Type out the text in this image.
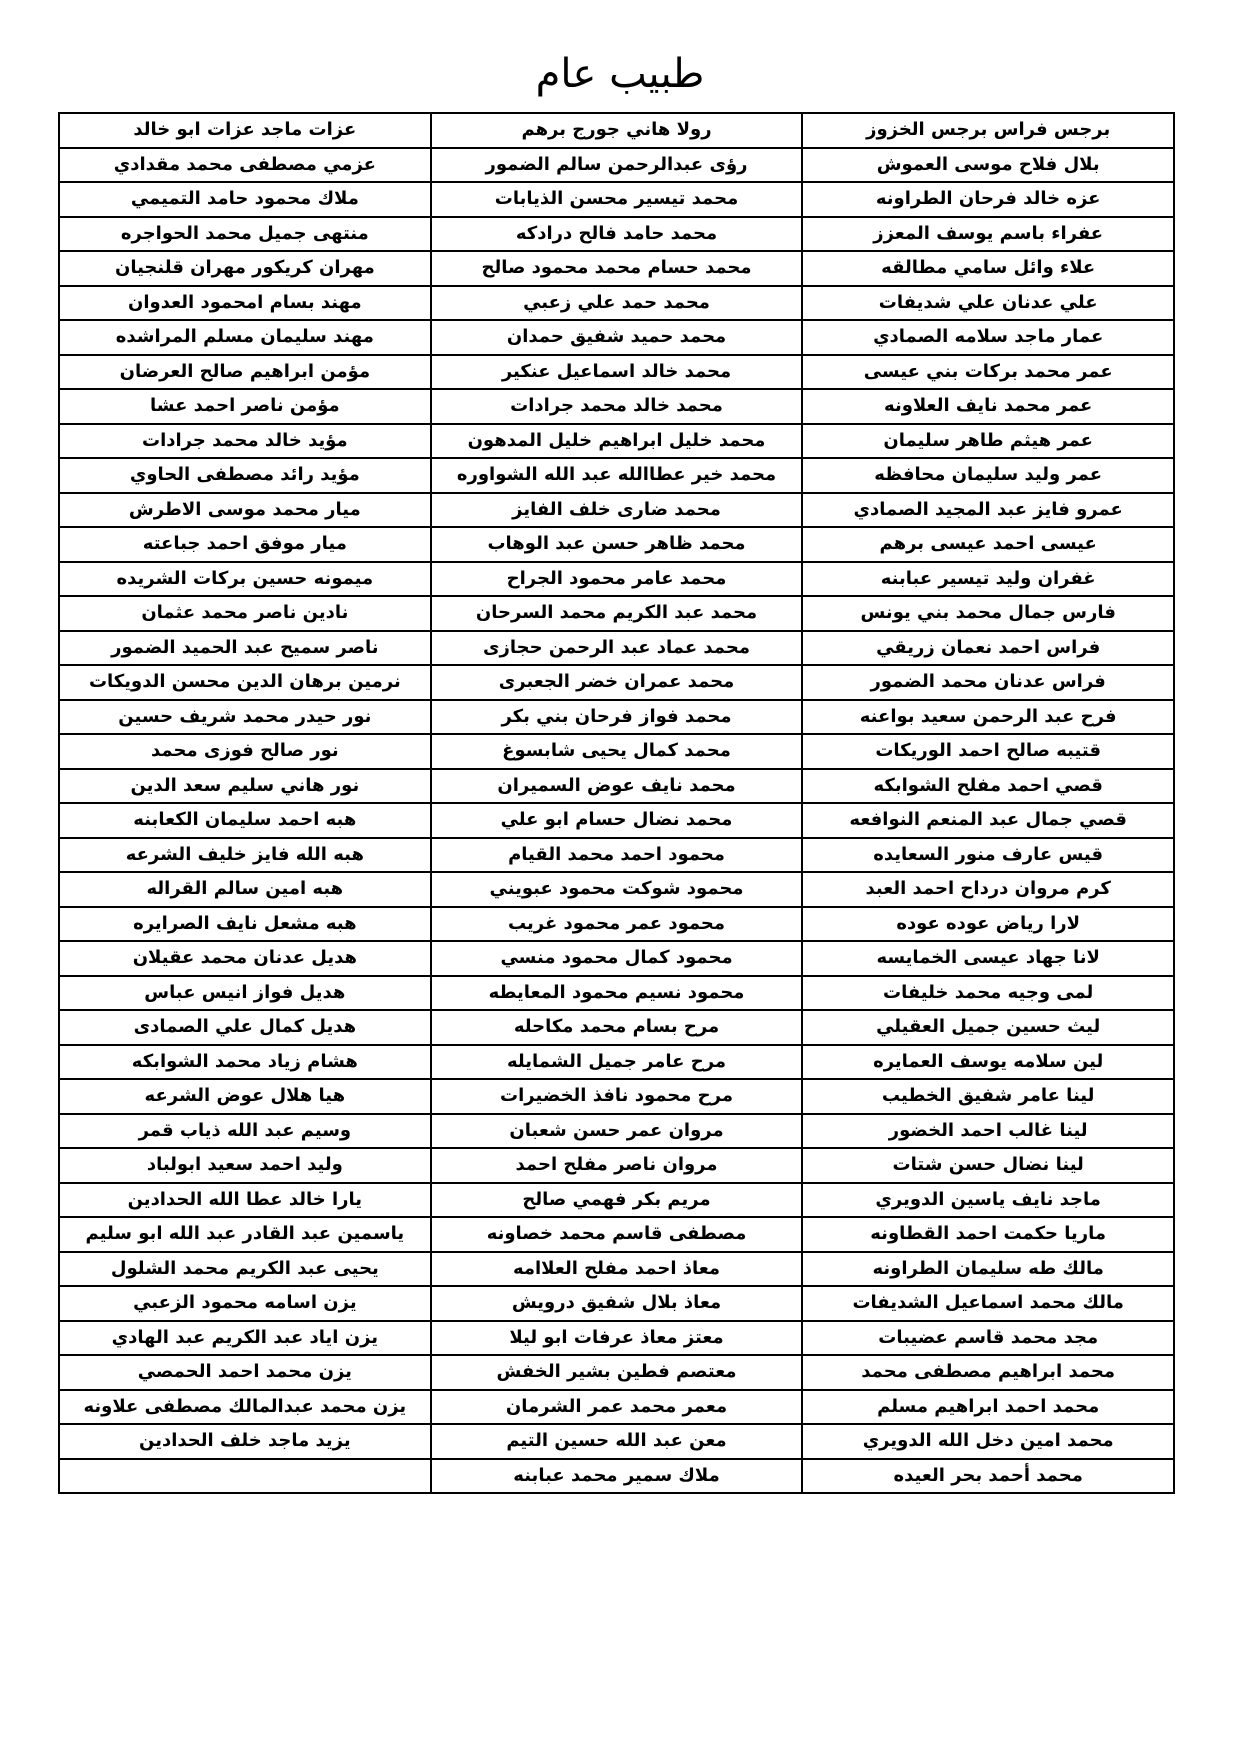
طبيب عام
برجس فراس برجس الخزوز	رولا هاني جورج برهم	عزات ماجد عزات ابو خالد
بلال فلاح موسى العموش	رؤى عبدالرحمن سالم الضمور	عزمي مصطفى محمد مقدادي
عزه خالد فرحان الطراونه	محمد تيسير محسن الذيابات	ملاك محمود حامد التميمي
عفراء باسم يوسف المعزز	محمد حامد فالح درادكه	منتهى جميل محمد الحواجره
علاء وائل سامي مطالقه	محمد حسام محمد محمود صالح	مهران كريكور مهران قلنجيان
علي عدنان علي شديفات	محمد حمد علي زعبي	مهند بسام امحمود العدوان
عمار ماجد سلامه الصمادي	محمد حميد شفيق حمدان	مهند سليمان مسلم المراشده
عمر محمد بركات بني عيسى	محمد خالد اسماعيل عنكير	مؤمن ابراهيم صالح العرضان
عمر محمد نايف العلاونه	محمد خالد محمد جرادات	مؤمن ناصر احمد عشا
عمر هيثم طاهر سليمان	محمد خليل ابراهيم خليل المدهون	مؤيد خالد محمد جرادات
عمر وليد سليمان محافظه	محمد خير عطاالله عبد الله الشواوره	مؤيد رائد مصطفى الحاوي
عمرو فايز عبد المجيد الصمادي	محمد ضارى خلف الفايز	ميار محمد موسى الاطرش
عيسى احمد عيسى برهم	محمد ظاهر حسن عبد الوهاب	ميار موفق احمد جباعته
غفران وليد تيسير عبابنه	محمد عامر محمود الجراح	ميمونه حسين بركات الشريده
فارس جمال محمد بني يونس	محمد عبد الكريم محمد السرحان	نادين ناصر محمد عثمان
فراس احمد نعمان زريقي	محمد عماد عبد الرحمن حجازى	ناصر سميح عبد الحميد الضمور
فراس عدنان محمد الضمور	محمد عمران خضر الجعبرى	نرمين برهان الدين محسن الدويكات
فرح عبد الرحمن سعيد بواعنه	محمد فواز فرحان بني بكر	نور حيدر محمد شريف حسين
قتيبه صالح احمد الوريكات	محمد كمال يحيى شابسوغ	نور صالح فوزى محمد
قصي احمد مفلح الشوابكه	محمد نايف عوض السميران	نور هاني سليم سعد الدين
قصي جمال عبد المنعم النوافعه	محمد نضال حسام ابو علي	هبه احمد سليمان الكعابنه
قيس عارف منور السعايده	محمود احمد محمد القيام	هبه الله فايز خليف الشرعه
كرم مروان درداح احمد العبد	محمود شوكت محمود عبويني	هبه امين سالم القراله
لارا رياض عوده عوده	محمود عمر محمود غريب	هبه مشعل نايف الصرايره
لانا جهاد عيسى الخمايسه	محمود كمال محمود منسي	هديل عدنان محمد عقيلان
لمى وجيه محمد خليفات	محمود نسيم محمود المعايطه	هديل فواز انيس عباس
ليث حسين جميل العقيلي	مرح بسام محمد مكاحله	هديل كمال علي الصمادى
لين سلامه يوسف العمايره	مرح عامر جميل الشمايله	هشام زياد محمد الشوابكه
لينا عامر شفيق الخطيب	مرح محمود نافذ الخضيرات	هيا هلال عوض الشرعه
لينا غالب احمد الخضور	مروان عمر حسن شعبان	وسيم عبد الله ذياب قمر
لينا نضال حسن شتات	مروان ناصر مفلح احمد	وليد احمد سعيد ابولباد
ماجد نايف ياسين الدويري	مريم بكر فهمي صالح	يارا خالد عطا الله الحدادين
ماريا حكمت احمد القطاونه	مصطفى قاسم محمد خصاونه	ياسمين عبد القادر عبد الله ابو سليم
مالك طه سليمان الطراونه	معاذ احمد مفلح العلاامه	يحيى عبد الكريم محمد الشلول
مالك محمد اسماعيل الشديفات	معاذ بلال شفيق درويش	يزن اسامه محمود الزعبي
مجد محمد قاسم عضيبات	معتز معاذ عرفات ابو ليلا	يزن اياد عبد الكريم عبد الهادي
محمد ابراهيم مصطفى محمد	معتصم فطين بشير الخفش	يزن محمد احمد الحمصي
محمد احمد ابراهيم مسلم	معمر محمد عمر الشرمان	يزن محمد عبدالمالك مصطفى علاونه
محمد امين دخل الله الدويري	معن عبد الله حسين التيم	يزيد ماجد خلف الحدادين
محمد أحمد بحر العيده	ملاك سمير محمد عبابنه	
